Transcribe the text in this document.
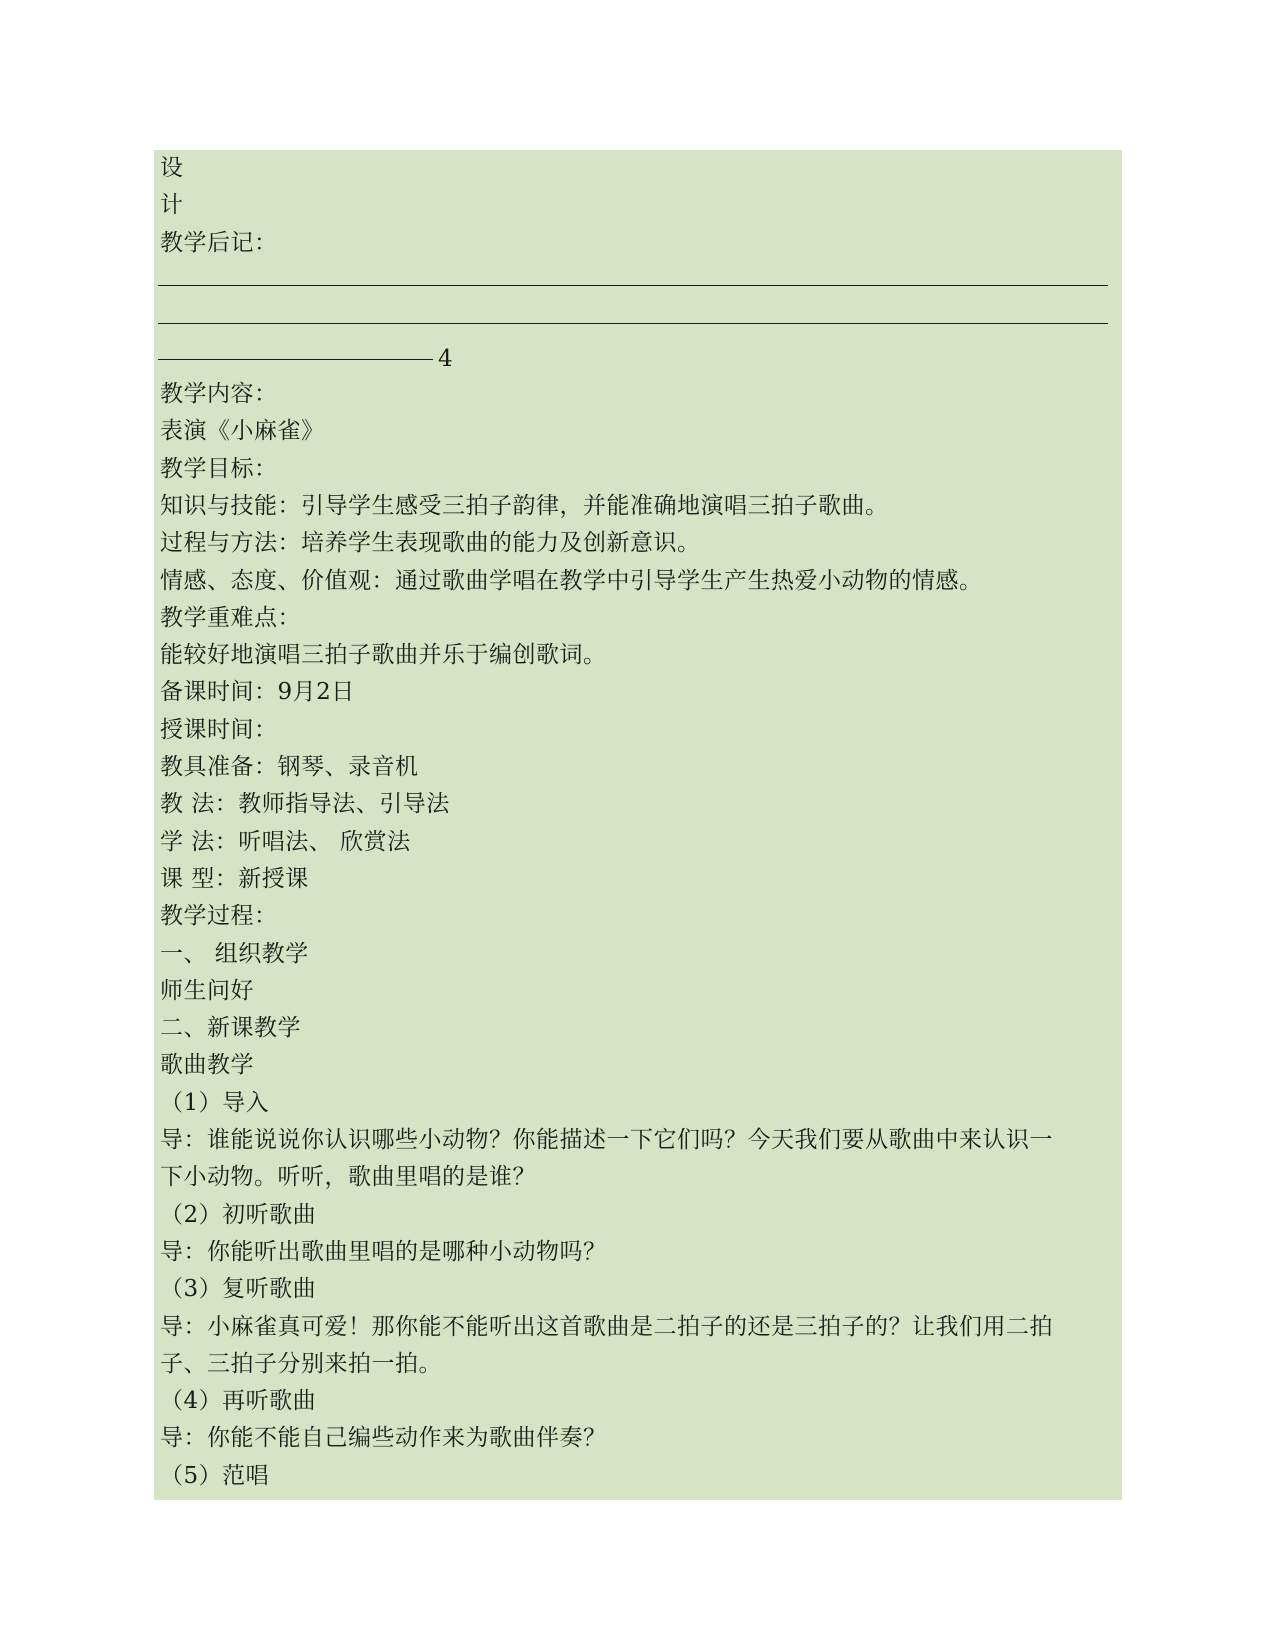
设
计
教学后记：
4
教学内容：
表演《小麻雀》
教学目标：
知识与技能：引导学生感受三拍子韵律，并能准确地演唱三拍子歌曲。
过程与方法：培养学生表现歌曲的能力及创新意识。
情感、态度、价值观：通过歌曲学唱在教学中引导学生产生热爱小动物的情感。
教学重难点：
能较好地演唱三拍子歌曲并乐于编创歌词。
备课时间：9月2日
授课时间：
教具准备：钢琴、录音机
教 法：教师指导法、引导法
学 法：听唱法、 欣赏法
课 型：新授课
教学过程：
一、 组织教学
师生问好
二、新课教学
歌曲教学
（1）导入
导：谁能说说你认识哪些小动物？你能描述一下它们吗？今天我们要从歌曲中来认识一
下小动物。听听，歌曲里唱的是谁？
（2）初听歌曲
导：你能听出歌曲里唱的是哪种小动物吗？
（3）复听歌曲
导：小麻雀真可爱！那你能不能听出这首歌曲是二拍子的还是三拍子的？让我们用二拍
子、三拍子分别来拍一拍。
（4）再听歌曲
导：你能不能自己编些动作来为歌曲伴奏？
（5）范唱
